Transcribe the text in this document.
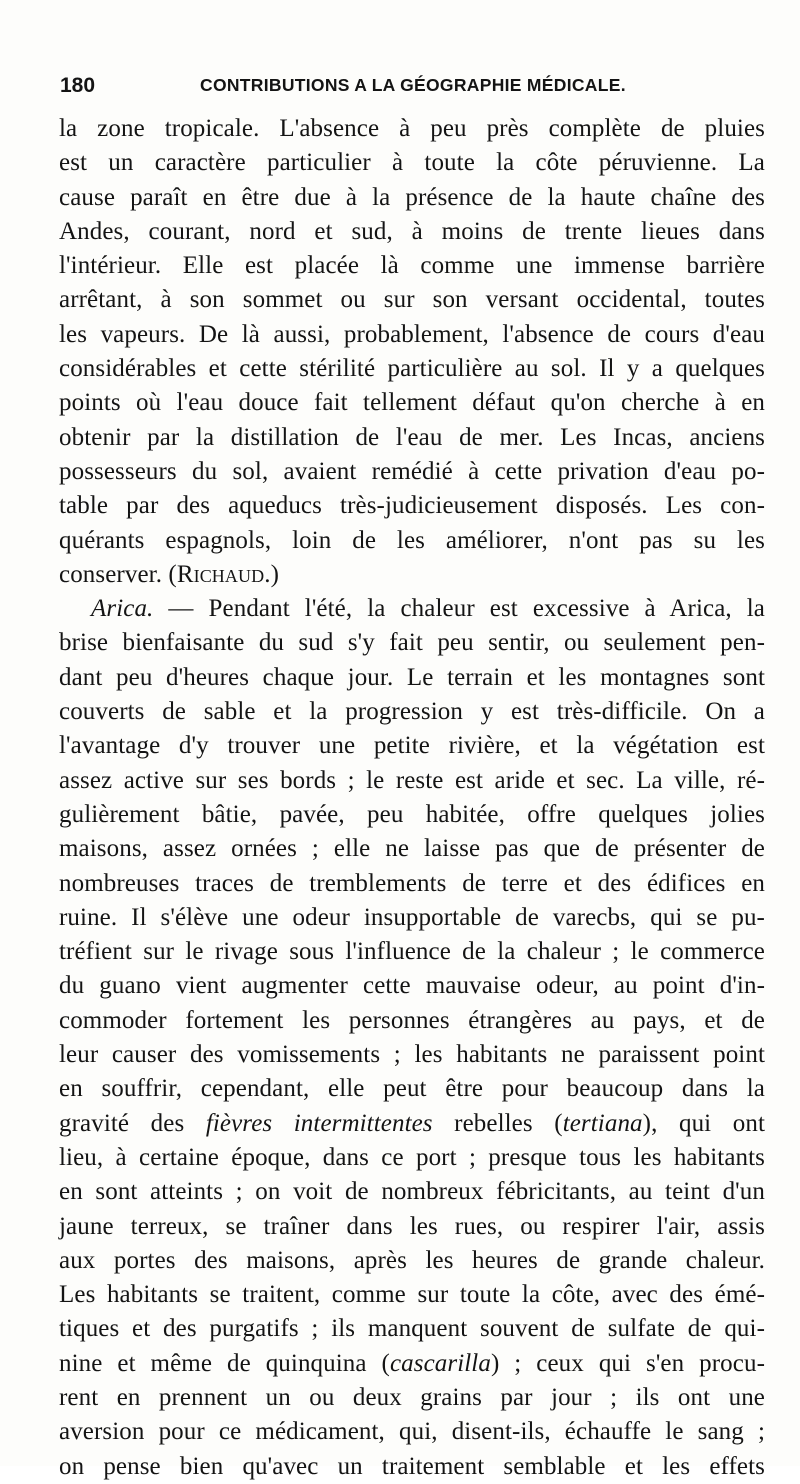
180	CONTRIBUTIONS A LA GÉOGRAPHIE MÉDICALE.
la zone tropicale. L'absence à peu près complète de pluies
est un caractère particulier à toute la côte péruvienne. La
cause paraît en être due à la présence de la haute chaîne des
Andes, courant, nord et sud, à moins de trente lieues dans
l'intérieur. Elle est placée là comme une immense barrière
arrêtant, à son sommet ou sur son versant occidental, toutes
les vapeurs. De là aussi, probablement, l'absence de cours d'eau
considérables et cette stérilité particulière au sol. Il y a quelques
points où l'eau douce fait tellement défaut qu'on cherche à en
obtenir par la distillation de l'eau de mer. Les Incas, anciens
possesseurs du sol, avaient remédié à cette privation d'eau po-
table par des aqueducs très-judicieusement disposés. Les con-
quérants espagnols, loin de les améliorer, n'ont pas su les
conserver. (Richaud.)
Arica. — Pendant l'été, la chaleur est excessive à Arica, la
brise bienfaisante du sud s'y fait peu sentir, ou seulement pen-
dant peu d'heures chaque jour. Le terrain et les montagnes sont
couverts de sable et la progression y est très-difficile. On a
l'avantage d'y trouver une petite rivière, et la végétation est
assez active sur ses bords ; le reste est aride et sec. La ville, ré-
gulièrement bâtie, pavée, peu habitée, offre quelques jolies
maisons, assez ornées ; elle ne laisse pas que de présenter de
nombreuses traces de tremblements de terre et des édifices en
ruine. Il s'élève une odeur insupportable de varecbs, qui se pu-
tréfient sur le rivage sous l'influence de la chaleur ; le commerce
du guano vient augmenter cette mauvaise odeur, au point d'in-
commoder fortement les personnes étrangères au pays, et de
leur causer des vomissements ; les habitants ne paraissent point
en souffrir, cependant, elle peut être pour beaucoup dans la
gravité des fièvres intermittentes rebelles (tertiana), qui ont
lieu, à certaine époque, dans ce port ; presque tous les habitants
en sont atteints ; on voit de nombreux fébricitants, au teint d'un
jaune terreux, se traîner dans les rues, ou respirer l'air, assis
aux portes des maisons, après les heures de grande chaleur.
Les habitants se traitent, comme sur toute la côte, avec des émé-
tiques et des purgatifs ; ils manquent souvent de sulfate de qui-
nine et même de quinquina (cascarilla) ; ceux qui s'en procu-
rent en prennent un ou deux grains par jour ; ils ont une
aversion pour ce médicament, qui, disent-ils, échauffe le sang ;
on pense bien qu'avec un traitement semblable et les effets
